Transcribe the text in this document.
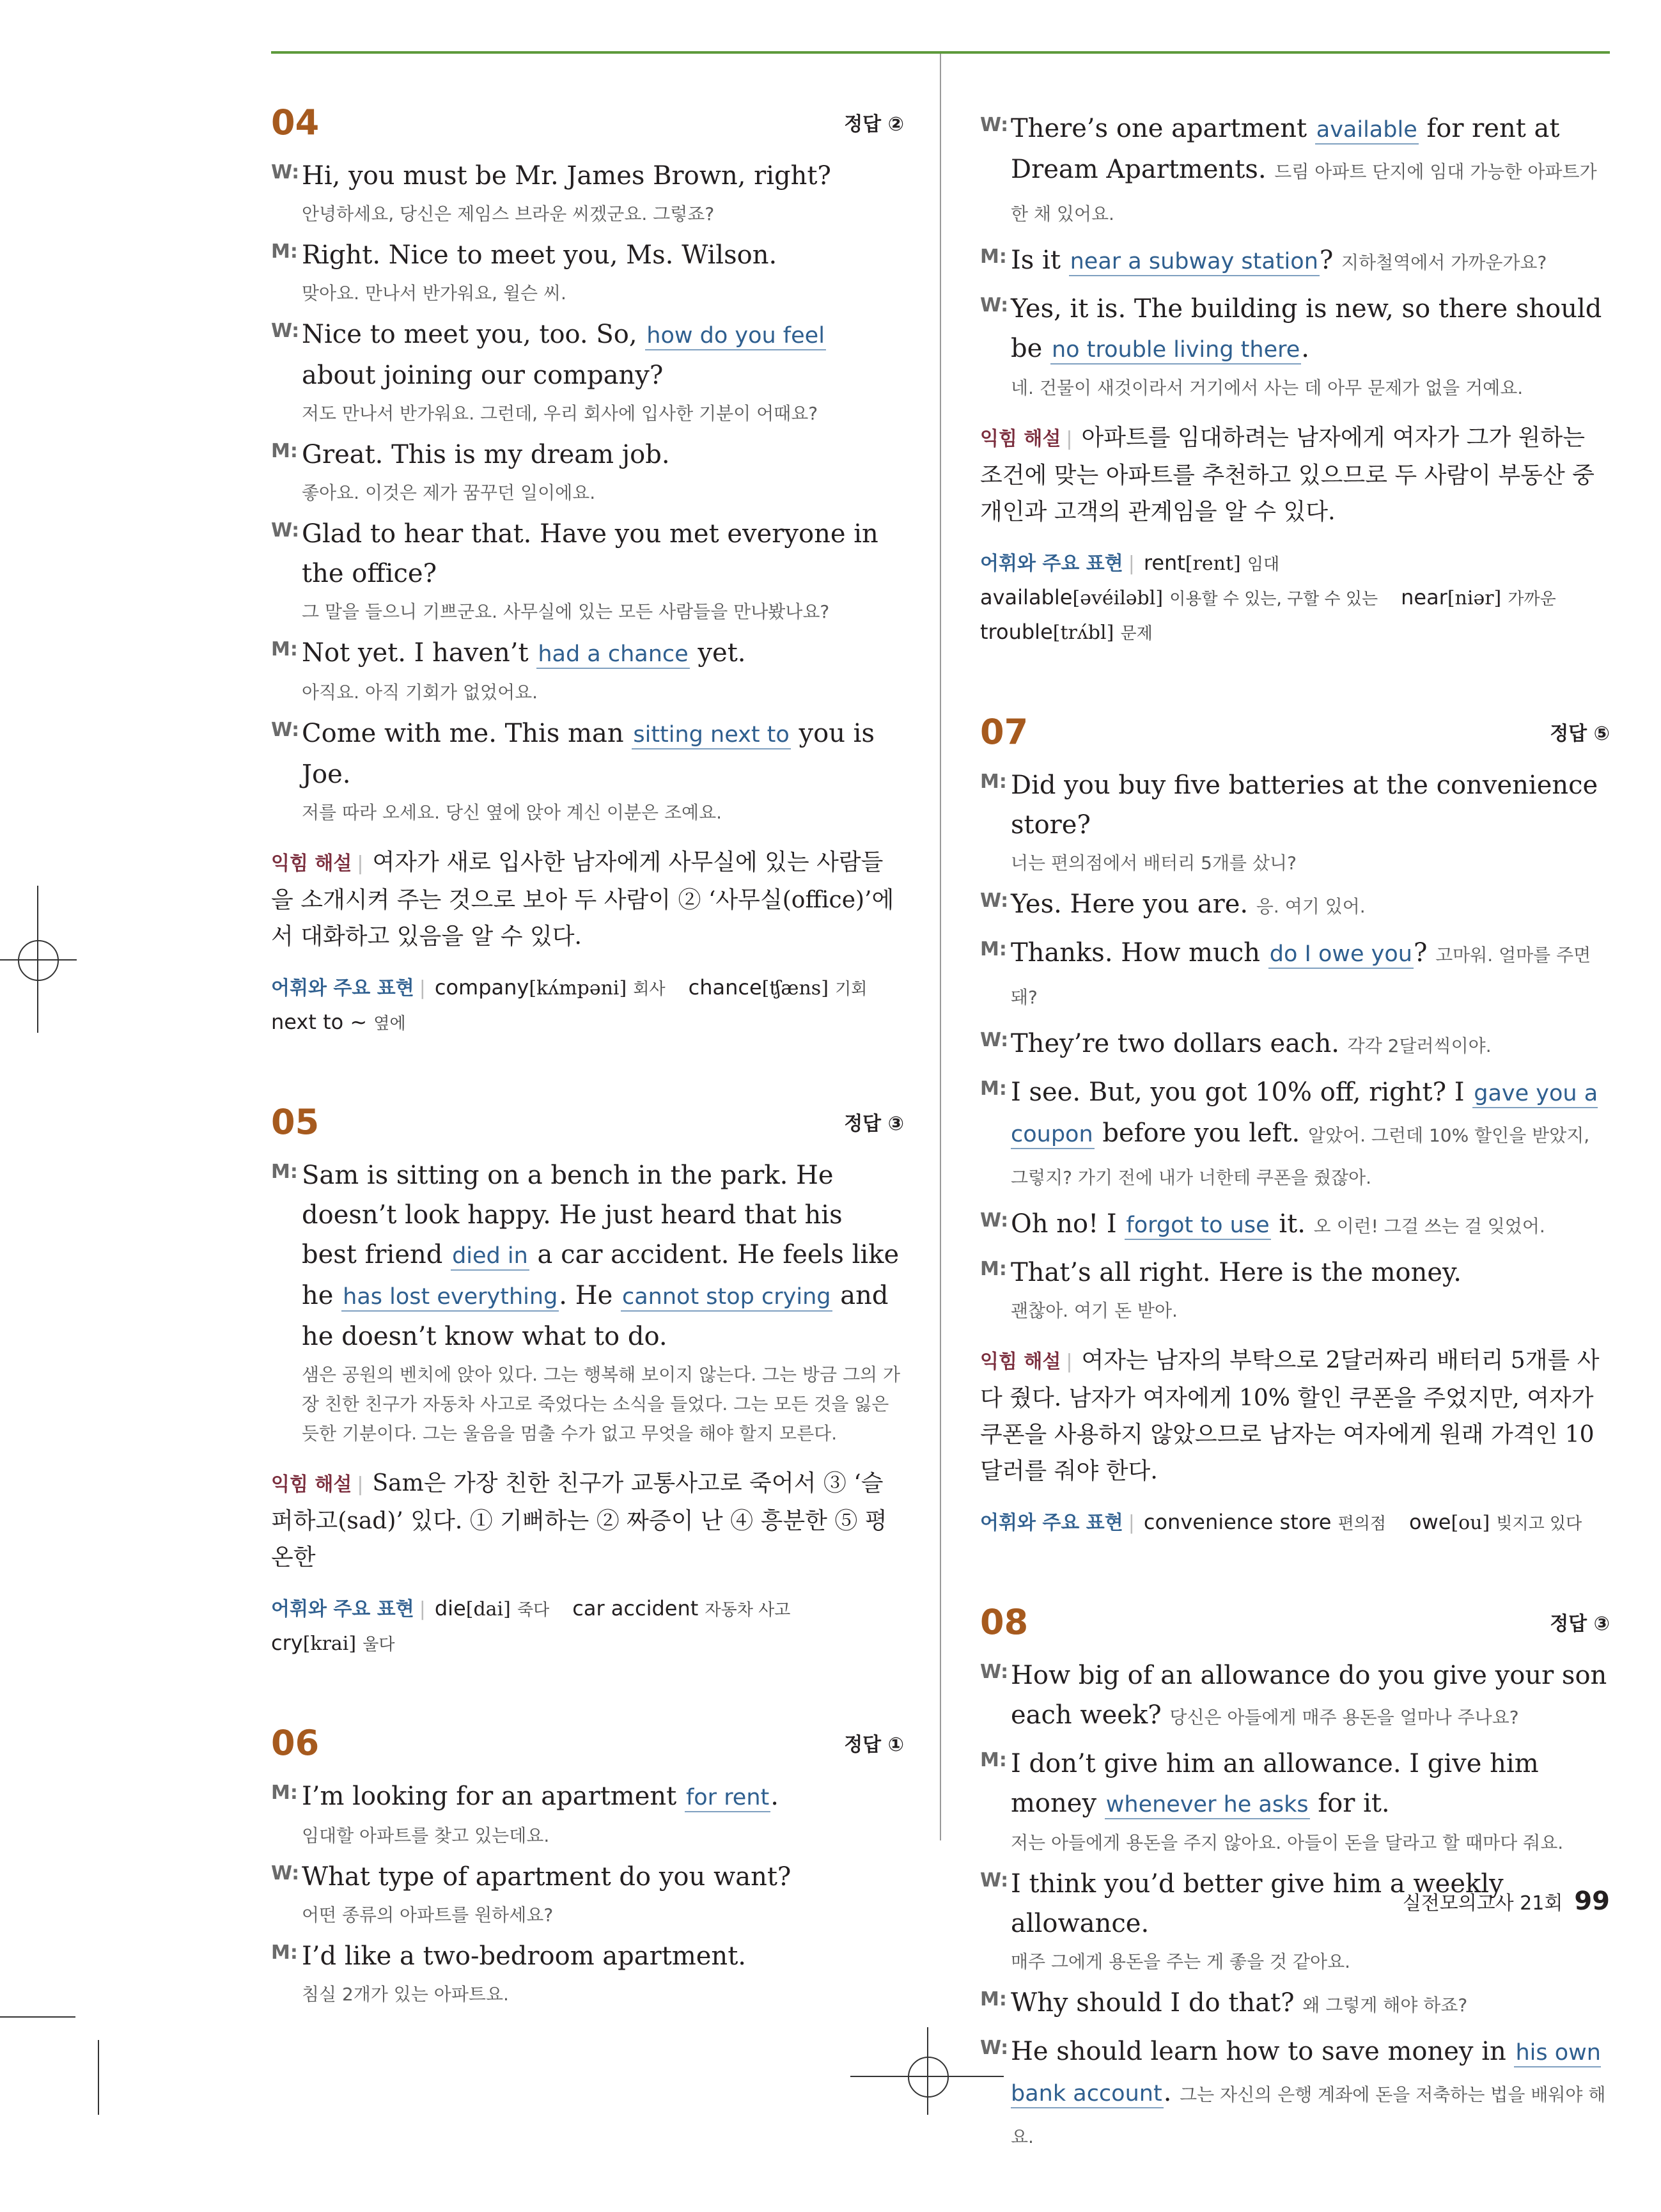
04	정답 ②
W: Hi, you must be Mr. James Brown, right?
안녕하세요, 당신은 제임스 브라운 씨겠군요. 그렇죠?
M: Right. Nice to meet you, Ms. Wilson.
맞아요. 만나서 반가워요, 윌슨 씨.
W: Nice to meet you, too. So, how do you feel about joining our company?
저도 만나서 반가워요. 그런데, 우리 회사에 입사한 기분이 어때요?
M: Great. This is my dream job.
좋아요. 이것은 제가 꿈꾸던 일이에요.
W: Glad to hear that. Have you met everyone in the office?
그 말을 들으니 기쁘군요. 사무실에 있는 모든 사람들을 만나봤나요?
M: Not yet. I haven’t had a chance yet.
아직요. 아직 기회가 없었어요.
W: Come with me. This man sitting next to you is Joe.
저를 따라 오세요. 당신 옆에 앉아 계신 이분은 조예요.
익힘 해설 | 여자가 새로 입사한 남자에게 사무실에 있는 사람들을 소개시켜 주는 것으로 보아 두 사람이 ② ‘사무실(office)’에서 대화하고 있음을 알 수 있다.
어휘와 주요 표현 | company[kʌ́mpəni] 회사 chance[ʧæns] 기회next to ~ 옆에
05	정답 ③
M: Sam is sitting on a bench in the park. He doesn’t look happy. He just heard that his best friend died in a car accident. He feels like he has lost everything. He cannot stop crying and he doesn’t know what to do.
샘은 공원의 벤치에 앉아 있다. 그는 행복해 보이지 않는다. 그는 방금 그의 가장 친한 친구가 자동차 사고로 죽었다는 소식을 들었다. 그는 모든 것을 잃은 듯한 기분이다. 그는 울음을 멈출 수가 없고 무엇을 해야 할지 모른다.
익힘 해설 | Sam은 가장 친한 친구가 교통사고로 죽어서 ③ ‘슬퍼하고(sad)’ 있다. ① 기뻐하는 ② 짜증이 난 ④ 흥분한 ⑤ 평온한
어휘와 주요 표현 | die[dai] 죽다 car accident 자동차 사고cry[krai] 울다
06	정답 ①
M: I’m looking for an apartment for rent.
임대할 아파트를 찾고 있는데요.
W: What type of apartment do you want?
어떤 종류의 아파트를 원하세요?
M: I’d like a two-bedroom apartment.
침실 2개가 있는 아파트요.
W: There’s one apartment available for rent at Dream Apartments. 드림 아파트 단지에 임대 가능한 아파트가 한 채 있어요.
M: Is it near a subway station? 지하철역에서 가까운가요?
W: Yes, it is. The building is new, so there should be no trouble living there.
네. 건물이 새것이라서 거기에서 사는 데 아무 문제가 없을 거예요.
익힘 해설 | 아파트를 임대하려는 남자에게 여자가 그가 원하는 조건에 맞는 아파트를 추천하고 있으므로 두 사람이 부동산 중개인과 고객의 관계임을 알 수 있다.
어휘와 주요 표현 | rent[rent] 임대available[əvéiləbl] 이용할 수 있는, 구할 수 있는 near[niər] 가까운trouble[trʌ́bl] 문제
07	정답 ⑤
M: Did you buy five batteries at the convenience store?
너는 편의점에서 배터리 5개를 샀니?
W: Yes. Here you are. 응. 여기 있어.
M: Thanks. How much do I owe you? 고마워. 얼마를 주면 돼?
W: They’re two dollars each. 각각 2달러씩이야.
M: I see. But, you got 10% off, right? I gave you a coupon before you left. 알았어. 그런데 10% 할인을 받았지, 그렇지? 가기 전에 내가 너한테 쿠폰을 줬잖아.
W: Oh no! I forgot to use it. 오 이런! 그걸 쓰는 걸 잊었어.
M: That’s all right. Here is the money.
괜찮아. 여기 돈 받아.
익힘 해설 | 여자는 남자의 부탁으로 2달러짜리 배터리 5개를 사다 줬다. 남자가 여자에게 10% 할인 쿠폰을 주었지만, 여자가 쿠폰을 사용하지 않았으므로 남자는 여자에게 원래 가격인 10달러를 줘야 한다.
어휘와 주요 표현 | convenience store 편의점 owe[ou] 빚지고 있다
08	정답 ③
W: How big of an allowance do you give your son each week? 당신은 아들에게 매주 용돈을 얼마나 주나요?
M: I don’t give him an allowance. I give him money whenever he asks for it.
저는 아들에게 용돈을 주지 않아요. 아들이 돈을 달라고 할 때마다 줘요.
W: I think you’d better give him a weekly allowance.
매주 그에게 용돈을 주는 게 좋을 것 같아요.
M: Why should I do that? 왜 그렇게 해야 하죠?
W: He should learn how to save money in his own bank account. 그는 자신의 은행 계좌에 돈을 저축하는 법을 배워야 해요.
실전모의고사 21회 99
